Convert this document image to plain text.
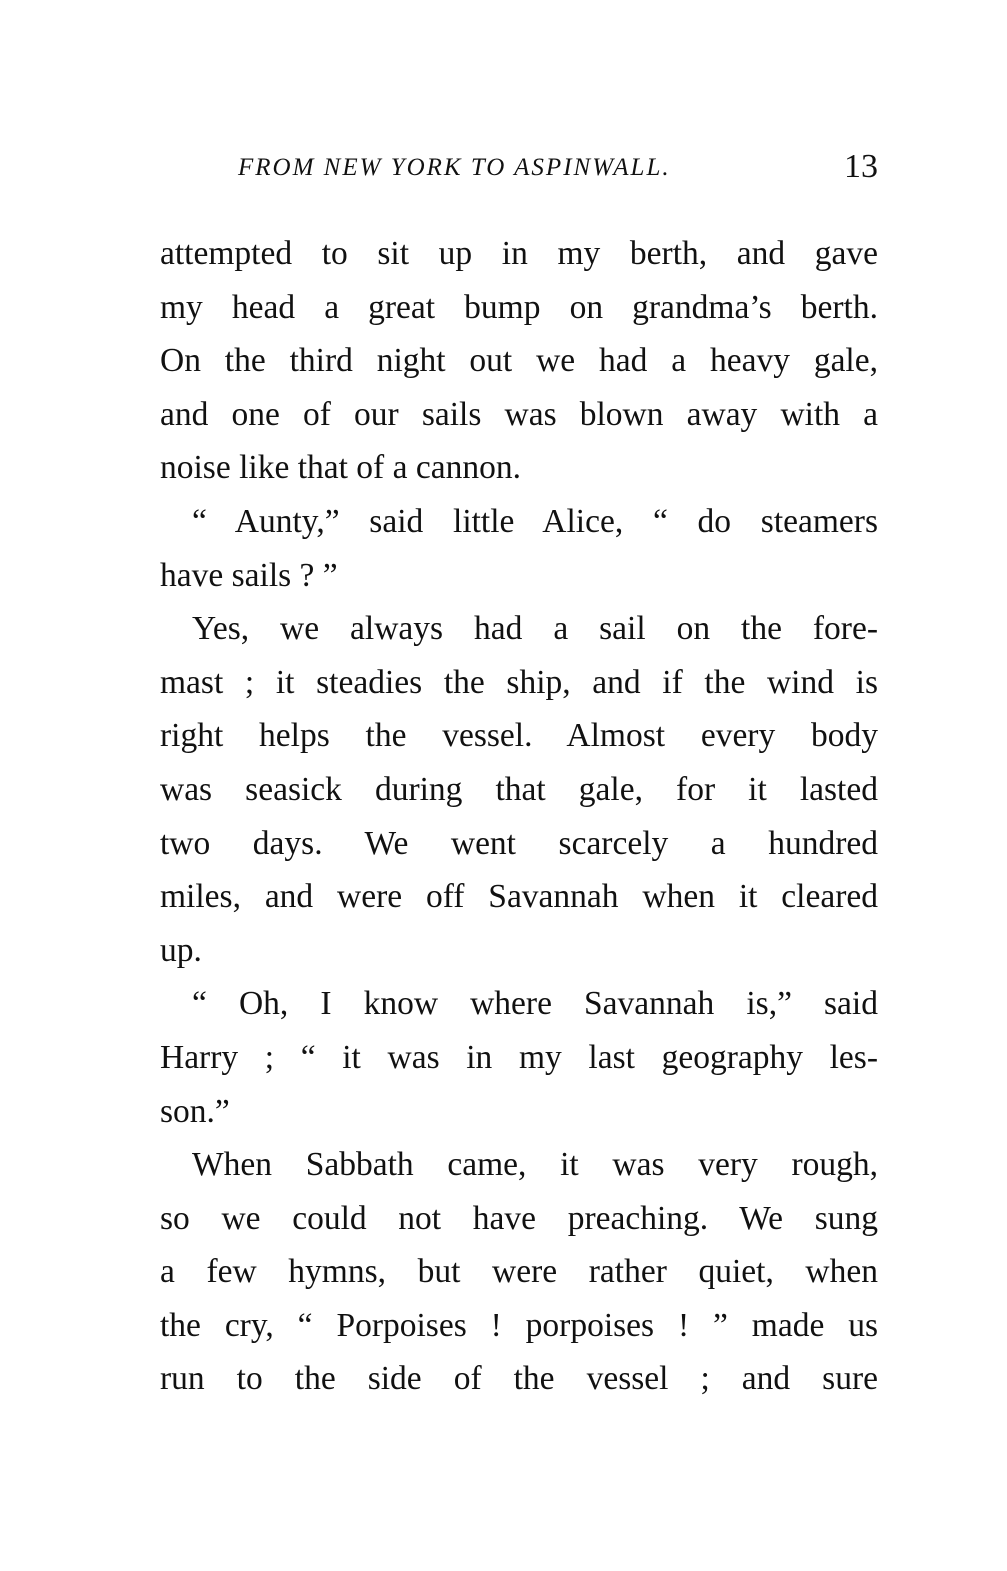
FROM NEW YORK TO ASPINWALL.	13
attempted to sit up in my berth, and gave
my head a great bump on grandma’s berth.
On the third night out we had a heavy gale,
and one of our sails was blown away with a
noise like that of a cannon.
“ Aunty,” said little Alice, “ do steamers
have sails ? ”
Yes, we always had a sail on the fore-
mast ; it steadies the ship, and if the wind is
right helps the vessel. Almost every body
was seasick during that gale, for it lasted
two days. We went scarcely a hundred
miles, and were off Savannah when it cleared
up.
“ Oh, I know where Savannah is,” said
Harry ; “ it was in my last geography les-
son.”
When Sabbath came, it was very rough,
so we could not have preaching. We sung
a few hymns, but were rather quiet, when
the cry, “ Porpoises ! porpoises ! ” made us
run to the side of the vessel ; and sure
